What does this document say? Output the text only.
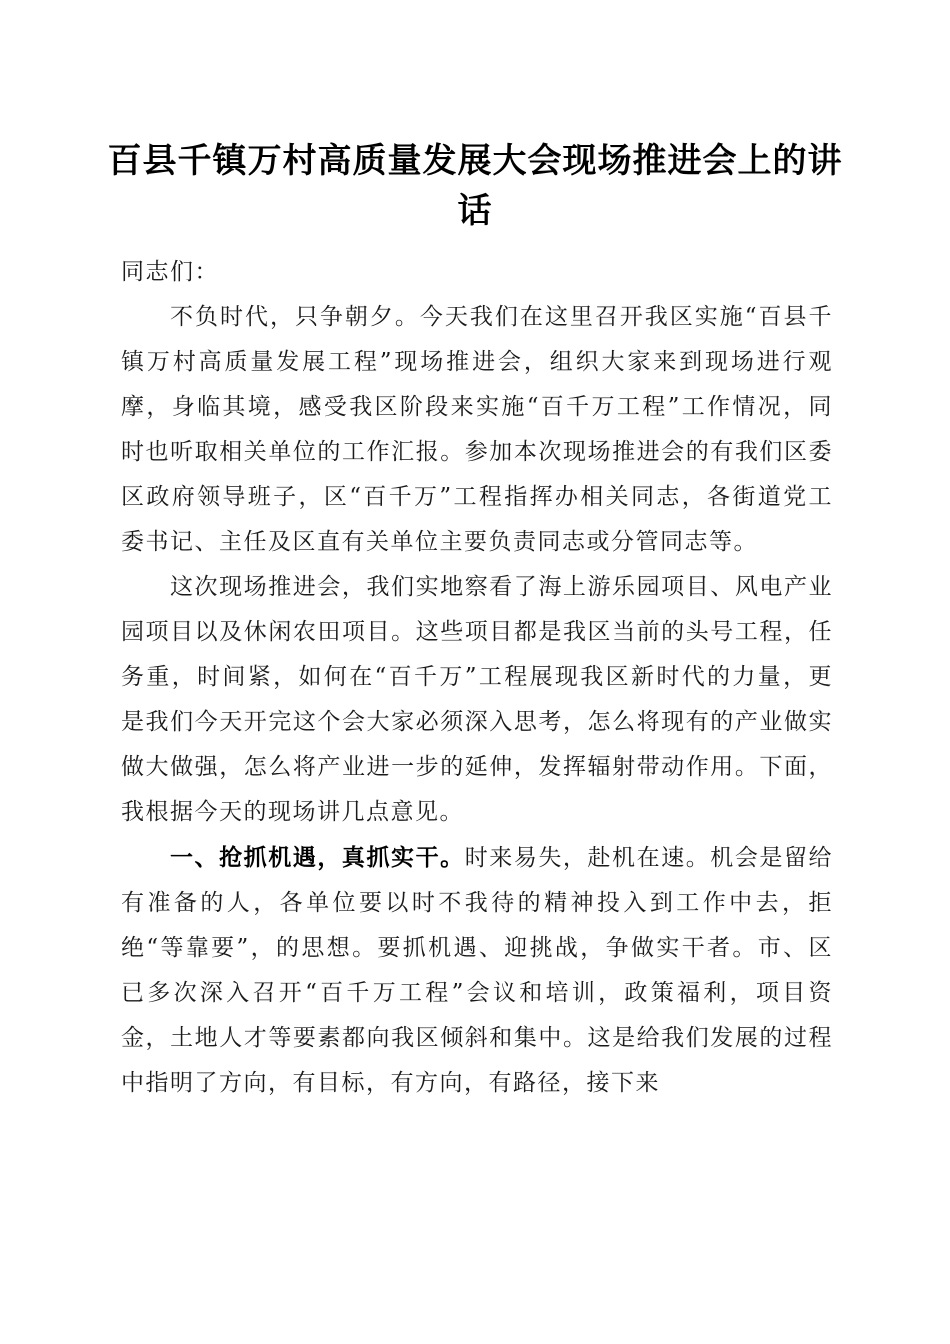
百县千镇万村高质量发展大会现场推进会上的讲话

同志们：

不负时代，只争朝夕。今天我们在这里召开我区实施“百县千镇万村高质量发展工程”现场推进会，组织大家来到现场进行观摩，身临其境，感受我区阶段来实施“百千万工程”工作情况，同时也听取相关单位的工作汇报。参加本次现场推进会的有我们区委区政府领导班子，区“百千万”工程指挥办相关同志，各街道党工委书记、主任及区直有关单位主要负责同志或分管同志等。

这次现场推进会，我们实地察看了海上游乐园项目、风电产业园项目以及休闲农田项目。这些项目都是我区当前的头号工程，任务重，时间紧，如何在“百千万”工程展现我区新时代的力量，更是我们今天开完这个会大家必须深入思考，怎么将现有的产业做实做大做强，怎么将产业进一步的延伸，发挥辐射带动作用。下面，我根据今天的现场讲几点意见。

一、抢抓机遇，真抓实干。时来易失，赴机在速。机会是留给有准备的人，各单位要以时不我待的精神投入到工作中去，拒绝“等靠要”，的思想。要抓机遇、迎挑战，争做实干者。市、区已多次深入召开“百千万工程”会议和培训，政策福利，项目资金，土地人才等要素都向我区倾斜和集中。这是给我们发展的过程中指明了方向，有目标，有方向，有路径，接下来
